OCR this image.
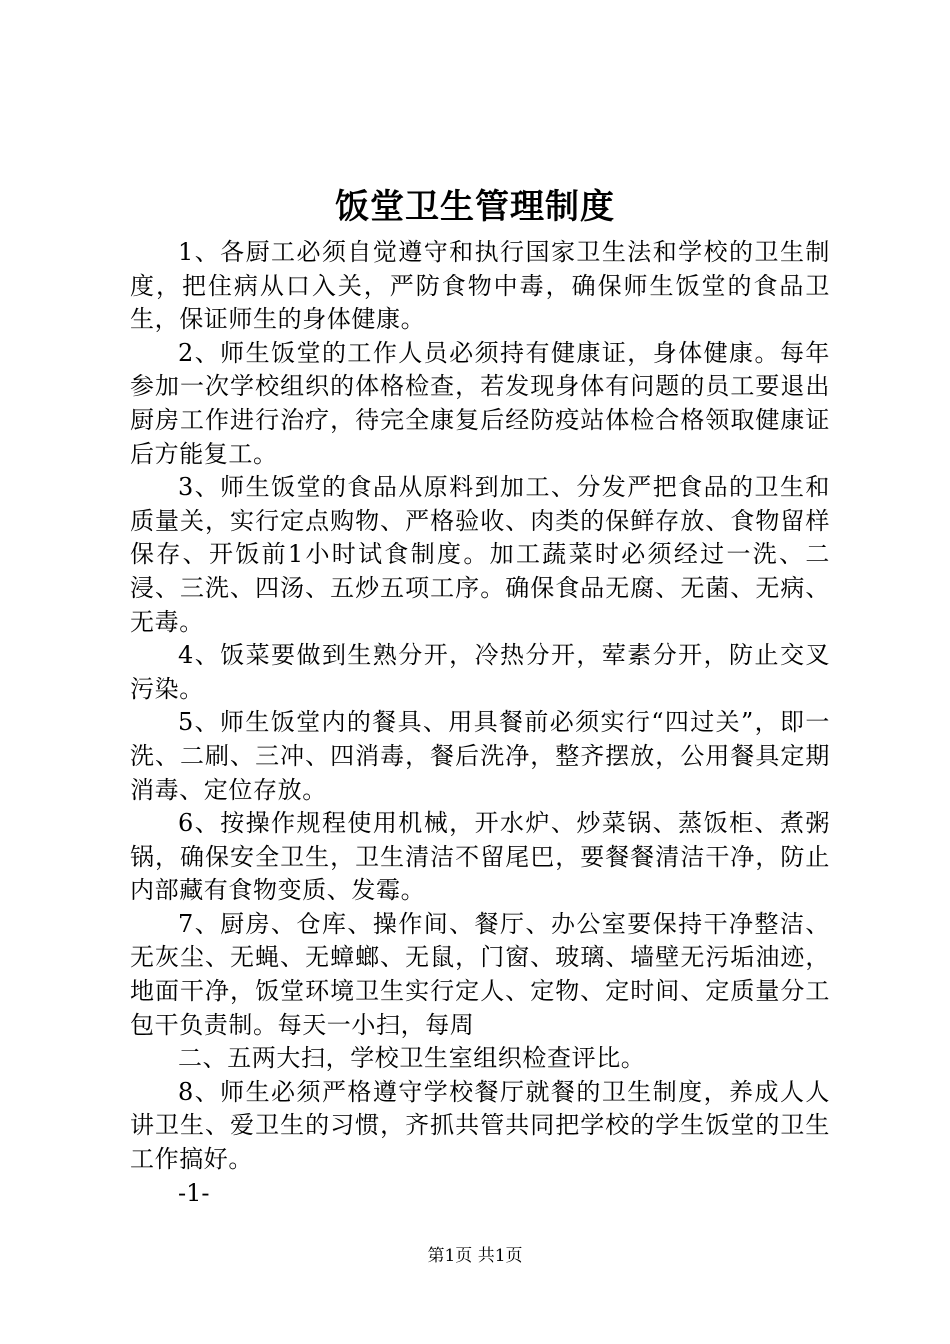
饭堂卫生管理制度

1、各厨工必须自觉遵守和执行国家卫生法和学校的卫生制度，把住病从口入关，严防食物中毒，确保师生饭堂的食品卫生，保证师生的身体健康。

2、师生饭堂的工作人员必须持有健康证，身体健康。每年参加一次学校组织的体格检查，若发现身体有问题的员工要退出厨房工作进行治疗，待完全康复后经防疫站体检合格领取健康证后方能复工。

3、师生饭堂的食品从原料到加工、分发严把食品的卫生和质量关，实行定点购物、严格验收、肉类的保鲜存放、食物留样保存、开饭前1小时试食制度。加工蔬菜时必须经过一洗、二浸、三洗、四汤、五炒五项工序。确保食品无腐、无菌、无病、无毒。

4、饭菜要做到生熟分开，冷热分开，荤素分开，防止交叉污染。

5、师生饭堂内的餐具、用具餐前必须实行“四过关”，即一洗、二刷、三冲、四消毒，餐后洗净，整齐摆放，公用餐具定期消毒、定位存放。

6、按操作规程使用机械，开水炉、炒菜锅、蒸饭柜、煮粥锅，确保安全卫生，卫生清洁不留尾巴，要餐餐清洁干净，防止内部藏有食物变质、发霉。

7、厨房、仓库、操作间、餐厅、办公室要保持干净整洁、无灰尘、无蝇、无蟑螂、无鼠，门窗、玻璃、墙壁无污垢油迹，地面干净，饭堂环境卫生实行定人、定物、定时间、定质量分工包干负责制。每天一小扫，每周

二、五两大扫，学校卫生室组织检查评比。

8、师生必须严格遵守学校餐厅就餐的卫生制度，养成人人讲卫生、爱卫生的习惯，齐抓共管共同把学校的学生饭堂的卫生工作搞好。

-1-

第1页 共1页
